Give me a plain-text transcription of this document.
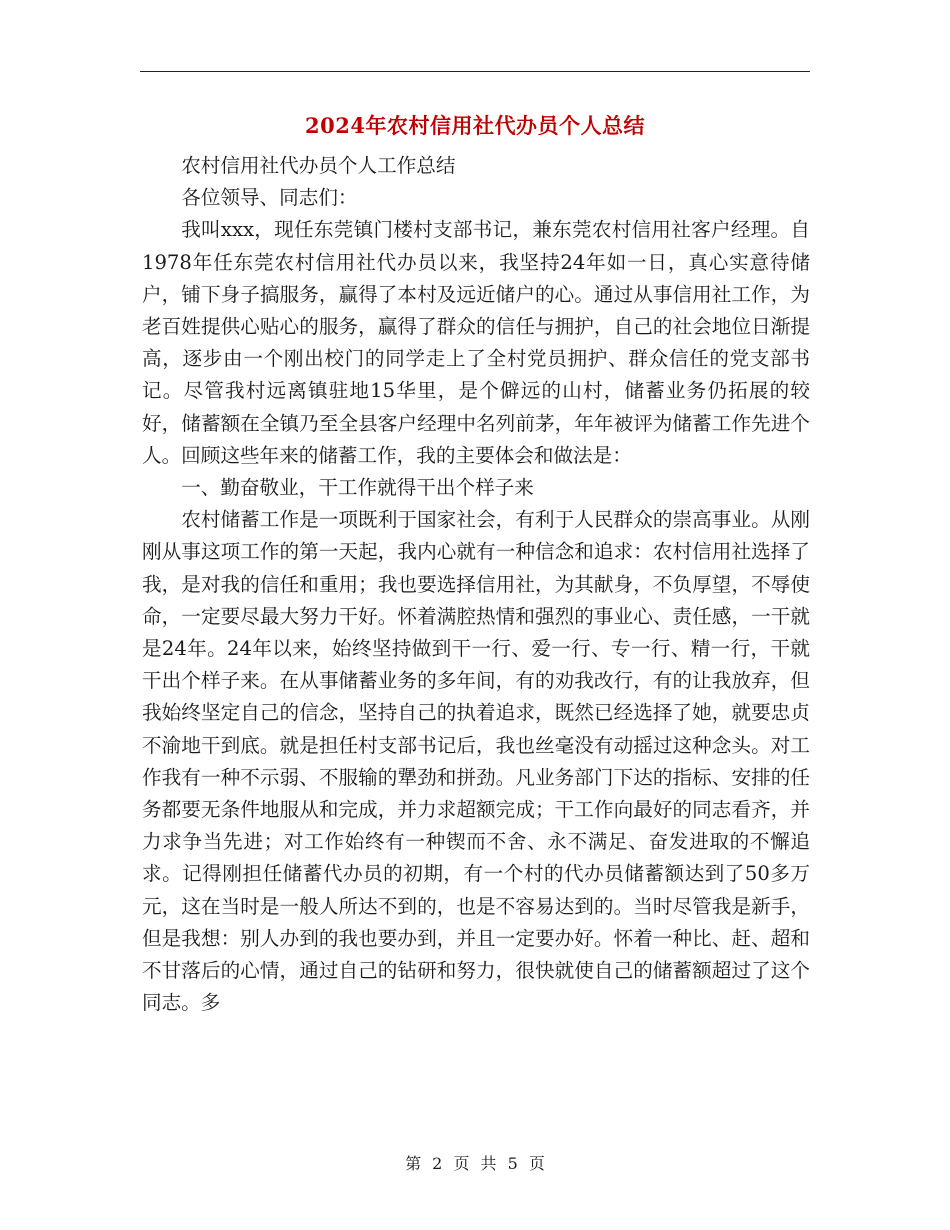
2024年农村信用社代办员个人总结

农村信用社代办员个人工作总结

各位领导、同志们：

我叫xxx，现任东莞镇门楼村支部书记，兼东莞农村信用社客户经理。自1978年任东莞农村信用社代办员以来，我坚持24年如一日，真心实意待储户，铺下身子搞服务，赢得了本村及远近储户的心。通过从事信用社工作，为老百姓提供心贴心的服务，赢得了群众的信任与拥护，自己的社会地位日渐提高，逐步由一个刚出校门的同学走上了全村党员拥护、群众信任的党支部书记。尽管我村远离镇驻地15华里，是个僻远的山村，储蓄业务仍拓展的较好，储蓄额在全镇乃至全县客户经理中名列前茅，年年被评为储蓄工作先进个人。回顾这些年来的储蓄工作，我的主要体会和做法是：

一、勤奋敬业，干工作就得干出个样子来

农村储蓄工作是一项既利于国家社会，有利于人民群众的崇高事业。从刚刚从事这项工作的第一天起，我内心就有一种信念和追求：农村信用社选择了我，是对我的信任和重用；我也要选择信用社，为其献身，不负厚望，不辱使命，一定要尽最大努力干好。怀着满腔热情和强烈的事业心、责任感，一干就是24年。24年以来，始终坚持做到干一行、爱一行、专一行、精一行，干就干出个样子来。在从事储蓄业务的多年间，有的劝我改行，有的让我放弃，但我始终坚定自己的信念，坚持自己的执着追求，既然已经选择了她，就要忠贞不渝地干到底。就是担任村支部书记后，我也丝毫没有动摇过这种念头。对工作我有一种不示弱、不服输的犟劲和拼劲。凡业务部门下达的指标、安排的任务都要无条件地服从和完成，并力求超额完成；干工作向最好的同志看齐，并力求争当先进；对工作始终有一种锲而不舍、永不满足、奋发进取的不懈追求。记得刚担任储蓄代办员的初期，有一个村的代办员储蓄额达到了50多万元，这在当时是一般人所达不到的，也是不容易达到的。当时尽管我是新手，但是我想：别人办到的我也要办到，并且一定要办好。怀着一种比、赶、超和不甘落后的心情，通过自己的钻研和努力，很快就使自己的储蓄额超过了这个同志。多

第 2 页 共 5 页
